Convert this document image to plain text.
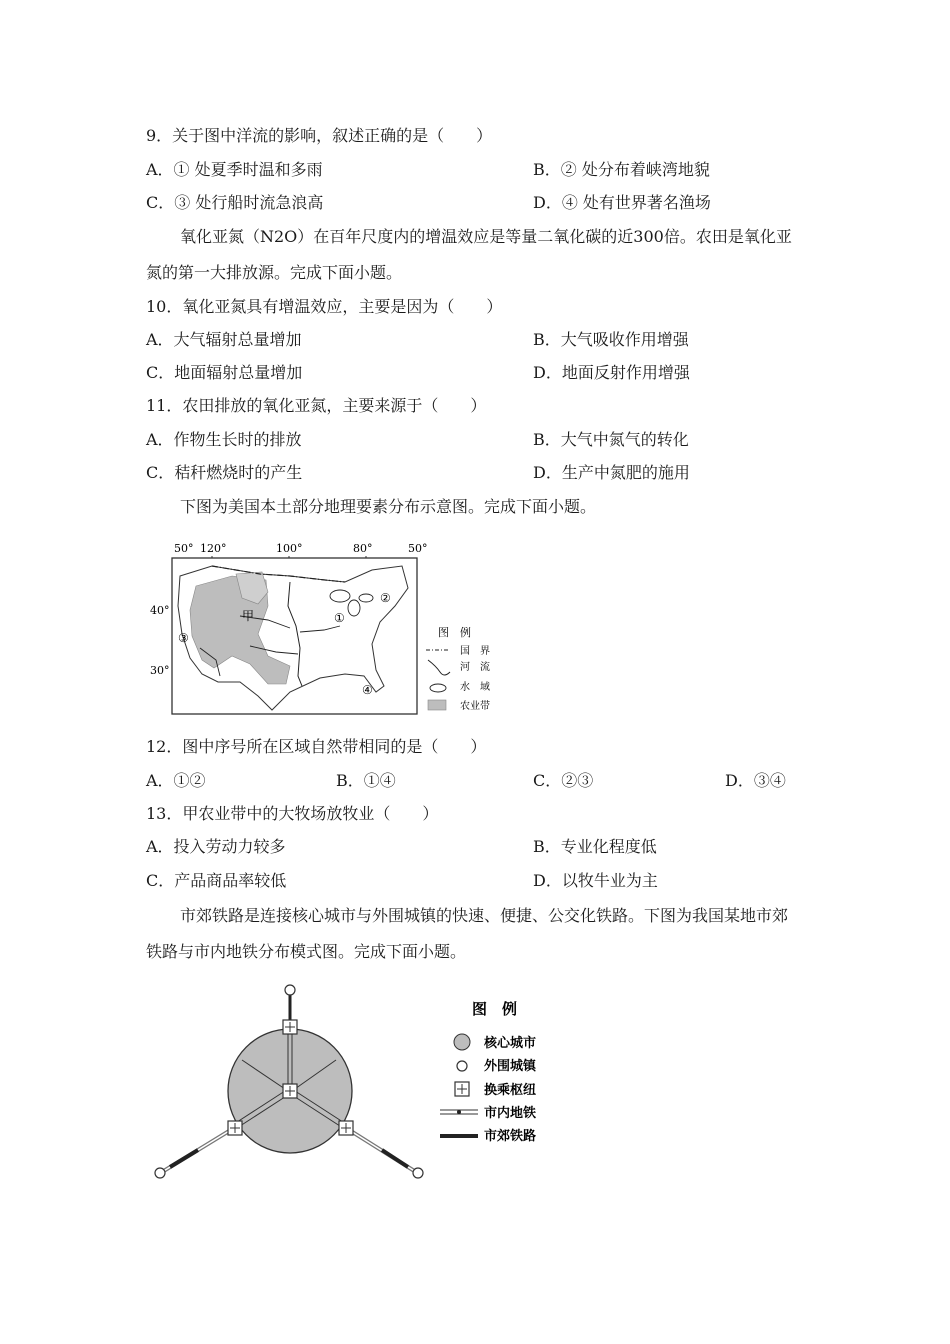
9．关于图中洋流的影响，叙述正确的是（　　）
A．① 处夏季时温和多雨	B．② 处分布着峡湾地貌
C．③ 处行船时流急浪高	D．④ 处有世界著名渔场
氧化亚氮（N2O）在百年尺度内的增温效应是等量二氧化碳的近300倍。农田是氧化亚
氮的第一大排放源。完成下面小题。
10．氧化亚氮具有增温效应，主要是因为（　　）
A．大气辐射总量增加	B．大气吸收作用增强
C．地面辐射总量增加	D．地面反射作用增强
11．农田排放的氧化亚氮，主要来源于（　　）
A．作物生长时的排放	B．大气中氮气的转化
C．秸秆燃烧时的产生	D．生产中氮肥的施用
下图为美国本土部分地理要素分布示意图。完成下面小题。
50° 120°	100°	80°	50°
40°
30°
甲	①
②
③
④
图　例
国　界
河　流
水　域
农业带
12．图中序号所在区域自然带相同的是（　　）
A．①②	B．①④	C．②③	D．③④
13．甲农业带中的大牧场放牧业（　　）
A．投入劳动力较多	B．专业化程度低
C．产品商品率较低	D．以牧牛业为主
市郊铁路是连接核心城市与外围城镇的快速、便捷、公交化铁路。下图为我国某地市郊
铁路与市内地铁分布模式图。完成下面小题。
图　例
核心城市
外围城镇
换乘枢纽
市内地铁
市郊铁路
